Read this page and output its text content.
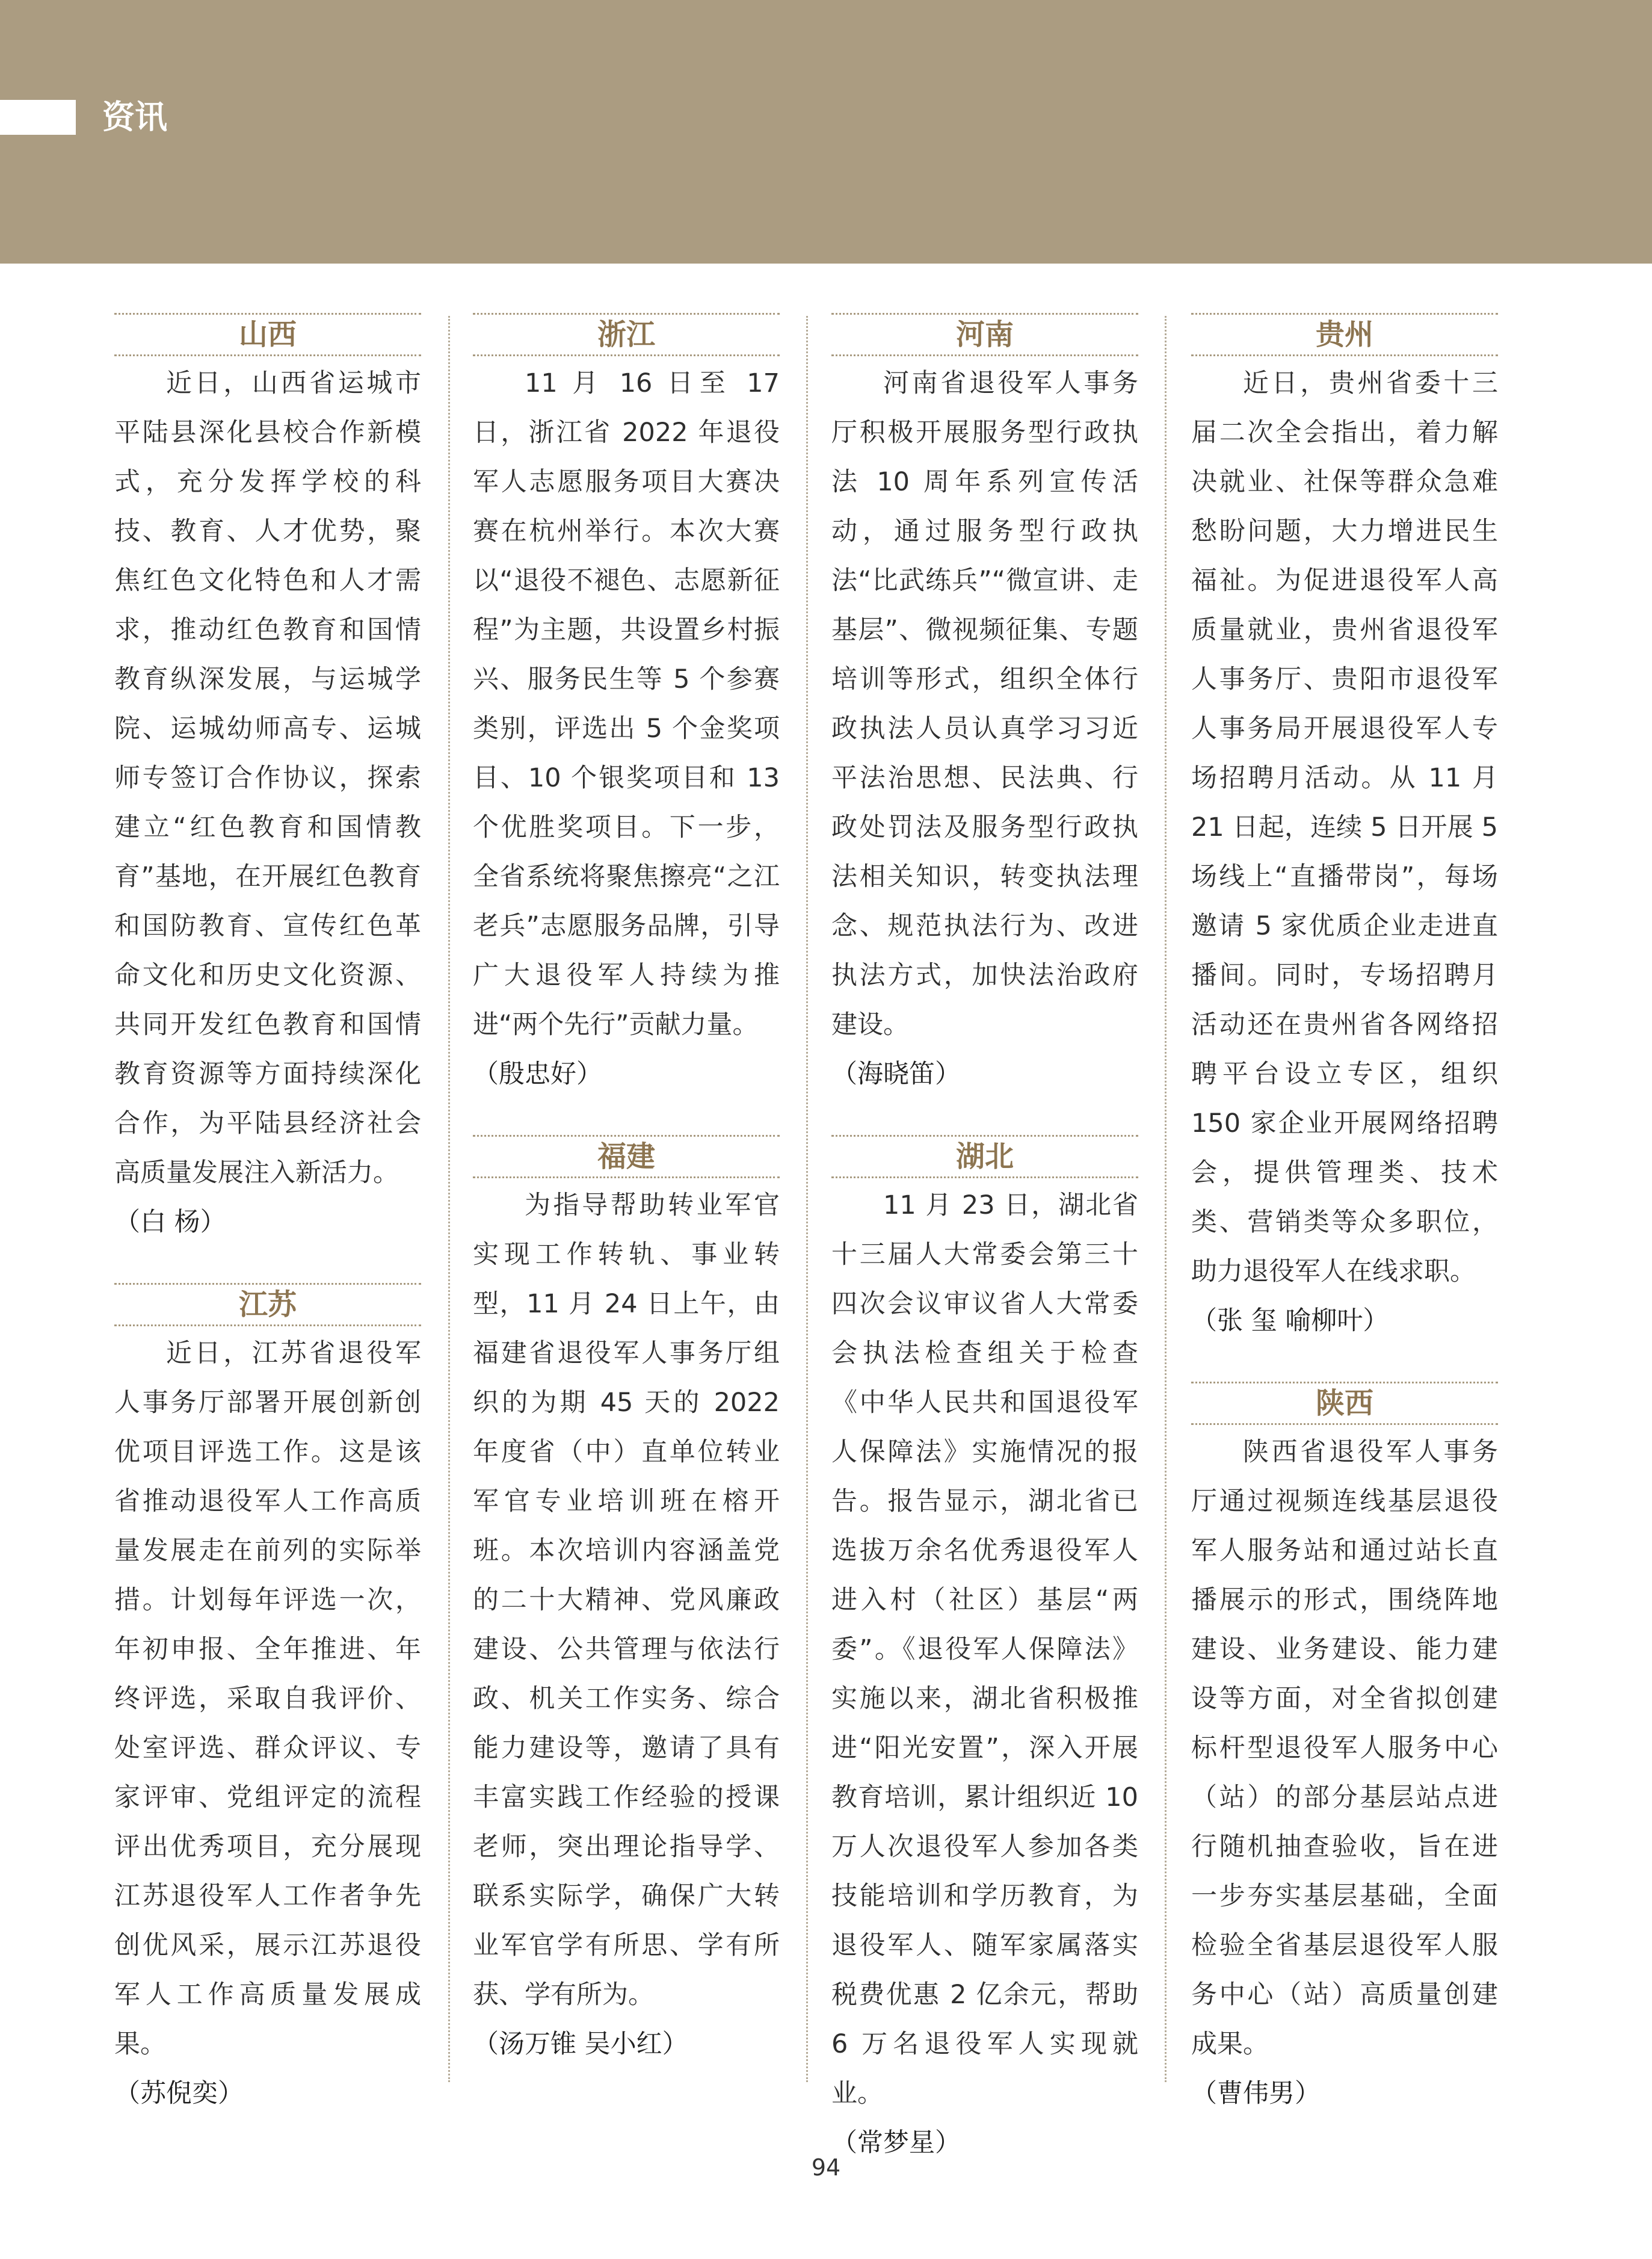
资讯
山西

近日，山西省运城市平陆县深化县校合作新模式，充分发挥学校的科技、教育、人才优势，聚焦红色文化特色和人才需求，推动红色教育和国情教育纵深发展，与运城学院、运城幼师高专、运城师专签订合作协议，探索建立“红色教育和国情教育”基地，在开展红色教育和国防教育、宣传红色革命文化和历史文化资源、共同开发红色教育和国情教育资源等方面持续深化合作，为平陆县经济社会高质量发展注入新活力。

（白 杨）

江苏

近日，江苏省退役军人事务厅部署开展创新创优项目评选工作。这是该省推动退役军人工作高质量发展走在前列的实际举措。计划每年评选一次，年初申报、全年推进、年终评选，采取自我评价、处室评选、群众评议、专家评审、党组评定的流程评出优秀项目，充分展现江苏退役军人工作者争先创优风采，展示江苏退役军人工作高质量发展成果。

（苏倪奕）

浙江

11 月 16 日至 17 日，浙江省 2022 年退役军人志愿服务项目大赛决赛在杭州举行。本次大赛以“退役不褪色、志愿新征程”为主题，共设置乡村振兴、服务民生等 5 个参赛类别，评选出 5 个金奖项目、10 个银奖项目和 13 个优胜奖项目。下一步，全省系统将聚焦擦亮“之江老兵”志愿服务品牌，引导广大退役军人持续为推进“两个先行”贡献力量。

（殷忠好）

福建

为指导帮助转业军官实现工作转轨、事业转型，11 月 24 日上午，由福建省退役军人事务厅组织的为期 45 天的 2022 年度省（中）直单位转业军官专业培训班在榕开班。本次培训内容涵盖党的二十大精神、党风廉政建设、公共管理与依法行政、机关工作实务、综合能力建设等，邀请了具有丰富实践工作经验的授课老师，突出理论指导学、联系实际学，确保广大转业军官学有所思、学有所获、学有所为。

（汤万锥 吴小红）

河南

河南省退役军人事务厅积极开展服务型行政执法 10 周年系列宣传活动，通过服务型行政执法“比武练兵”“微宣讲、走基层”、微视频征集、专题培训等形式，组织全体行政执法人员认真学习习近平法治思想、民法典、行政处罚法及服务型行政执法相关知识，转变执法理念、规范执法行为、改进执法方式，加快法治政府建设。

（海晓笛）

湖北

11 月 23 日，湖北省十三届人大常委会第三十四次会议审议省人大常委会执法检查组关于检查《中华人民共和国退役军人保障法》实施情况的报告。报告显示，湖北省已选拔万余名优秀退役军人进入村（社区）基层“两委”。《退役军人保障法》实施以来，湖北省积极推进“阳光安置”，深入开展教育培训，累计组织近 10 万人次退役军人参加各类技能培训和学历教育，为退役军人、随军家属落实税费优惠 2 亿余元，帮助 6 万名退役军人实现就业。

（常梦星）

贵州

近日，贵州省委十三届二次全会指出，着力解决就业、社保等群众急难愁盼问题，大力增进民生福祉。为促进退役军人高质量就业，贵州省退役军人事务厅、贵阳市退役军人事务局开展退役军人专场招聘月活动。从 11 月 21 日起，连续 5 日开展 5 场线上“直播带岗”，每场邀请 5 家优质企业走进直播间。同时，专场招聘月活动还在贵州省各网络招聘平台设立专区，组织 150 家企业开展网络招聘会，提供管理类、技术类、营销类等众多职位，助力退役军人在线求职。

（张 玺 喻柳叶）

陕西

陕西省退役军人事务厅通过视频连线基层退役军人服务站和通过站长直播展示的形式，围绕阵地建设、业务建设、能力建设等方面，对全省拟创建标杆型退役军人服务中心（站）的部分基层站点进行随机抽查验收，旨在进一步夯实基层基础，全面检验全省基层退役军人服务中心（站）高质量创建成果。

（曹伟男）

94
